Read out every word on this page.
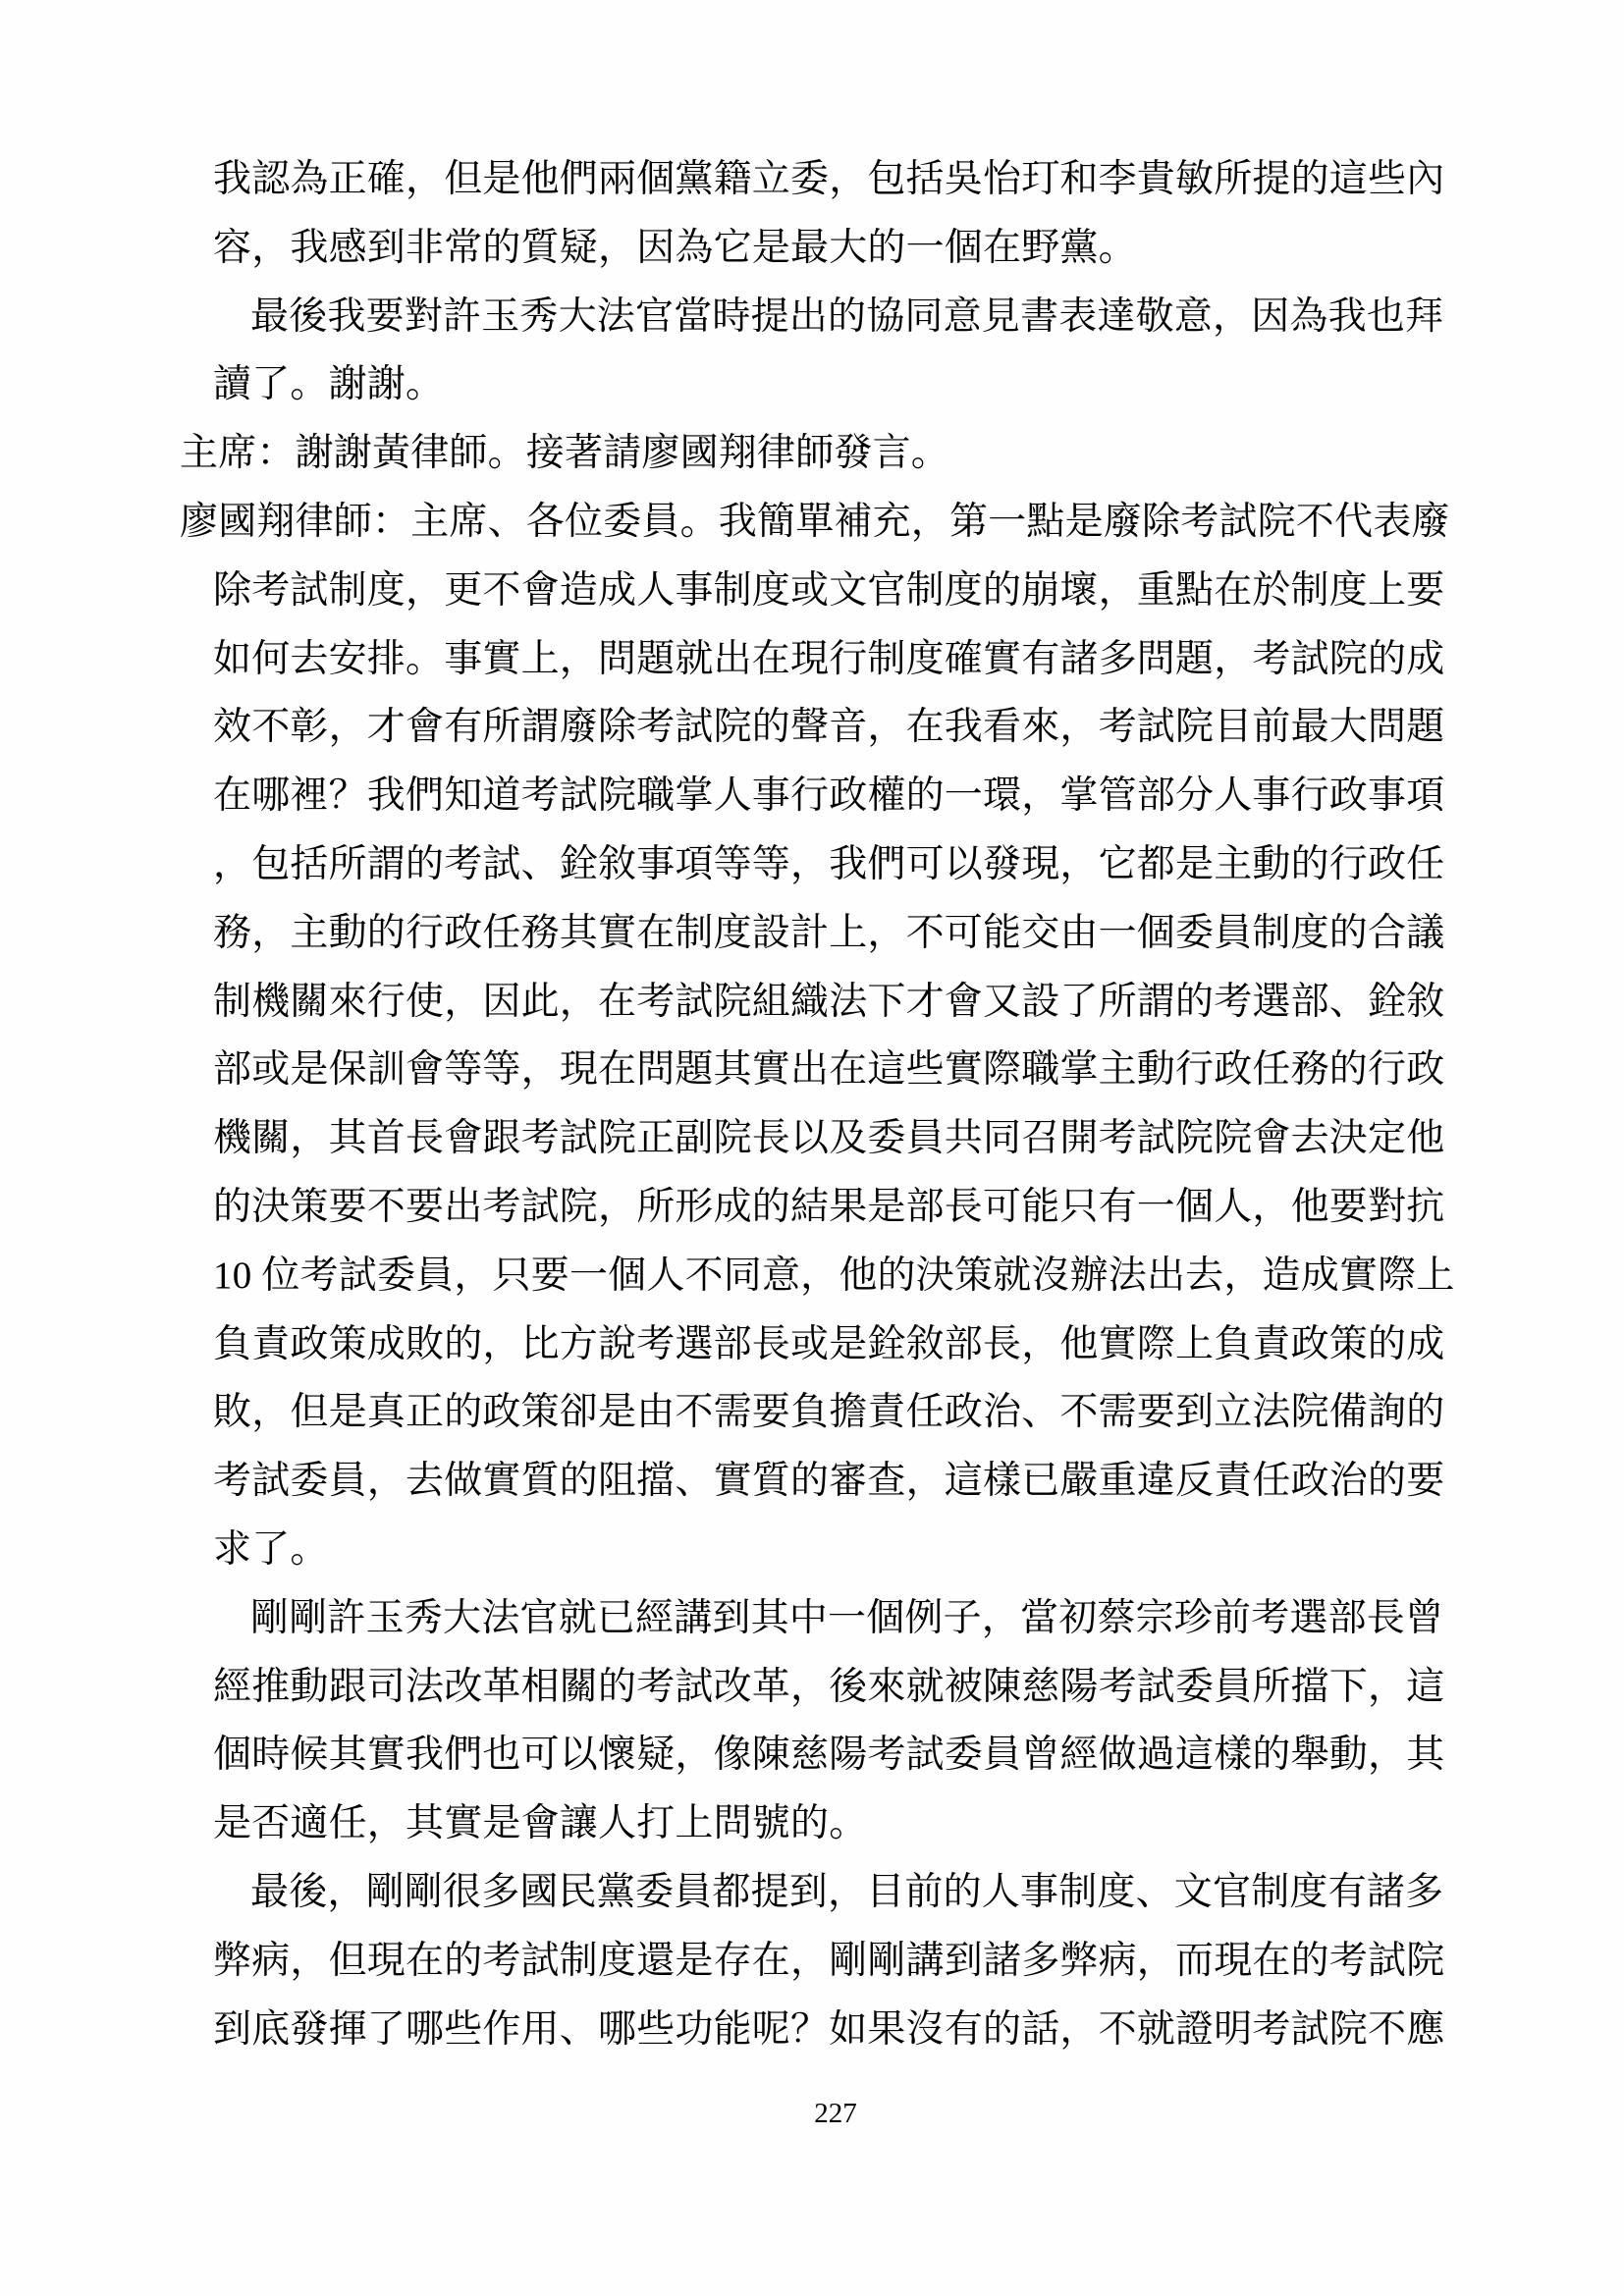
我認為正確，但是他們兩個黨籍立委，包括吳怡玎和李貴敏所提的這些內
容，我感到非常的質疑，因為它是最大的一個在野黨。
最後我要對許玉秀大法官當時提出的協同意見書表達敬意，因為我也拜
讀了。謝謝。
主席：謝謝黃律師。接著請廖國翔律師發言。
廖國翔律師：主席、各位委員。我簡單補充，第一點是廢除考試院不代表廢
除考試制度，更不會造成人事制度或文官制度的崩壞，重點在於制度上要
如何去安排。事實上，問題就出在現行制度確實有諸多問題，考試院的成
效不彰，才會有所謂廢除考試院的聲音，在我看來，考試院目前最大問題
在哪裡？我們知道考試院職掌人事行政權的一環，掌管部分人事行政事項
，包括所謂的考試、銓敘事項等等，我們可以發現，它都是主動的行政任
務，主動的行政任務其實在制度設計上，不可能交由一個委員制度的合議
制機關來行使，因此，在考試院組織法下才會又設了所謂的考選部、銓敘
部或是保訓會等等，現在問題其實出在這些實際職掌主動行政任務的行政
機關，其首長會跟考試院正副院長以及委員共同召開考試院院會去決定他
的決策要不要出考試院，所形成的結果是部長可能只有一個人，他要對抗
10 位考試委員，只要一個人不同意，他的決策就沒辦法出去，造成實際上
負責政策成敗的，比方說考選部長或是銓敘部長，他實際上負責政策的成
敗，但是真正的政策卻是由不需要負擔責任政治、不需要到立法院備詢的
考試委員，去做實質的阻擋、實質的審查，這樣已嚴重違反責任政治的要
求了。
剛剛許玉秀大法官就已經講到其中一個例子，當初蔡宗珍前考選部長曾
經推動跟司法改革相關的考試改革，後來就被陳慈陽考試委員所擋下，這
個時候其實我們也可以懷疑，像陳慈陽考試委員曾經做過這樣的舉動，其
是否適任，其實是會讓人打上問號的。
最後，剛剛很多國民黨委員都提到，目前的人事制度、文官制度有諸多
弊病，但現在的考試制度還是存在，剛剛講到諸多弊病，而現在的考試院
到底發揮了哪些作用、哪些功能呢？如果沒有的話，不就證明考試院不應
227
